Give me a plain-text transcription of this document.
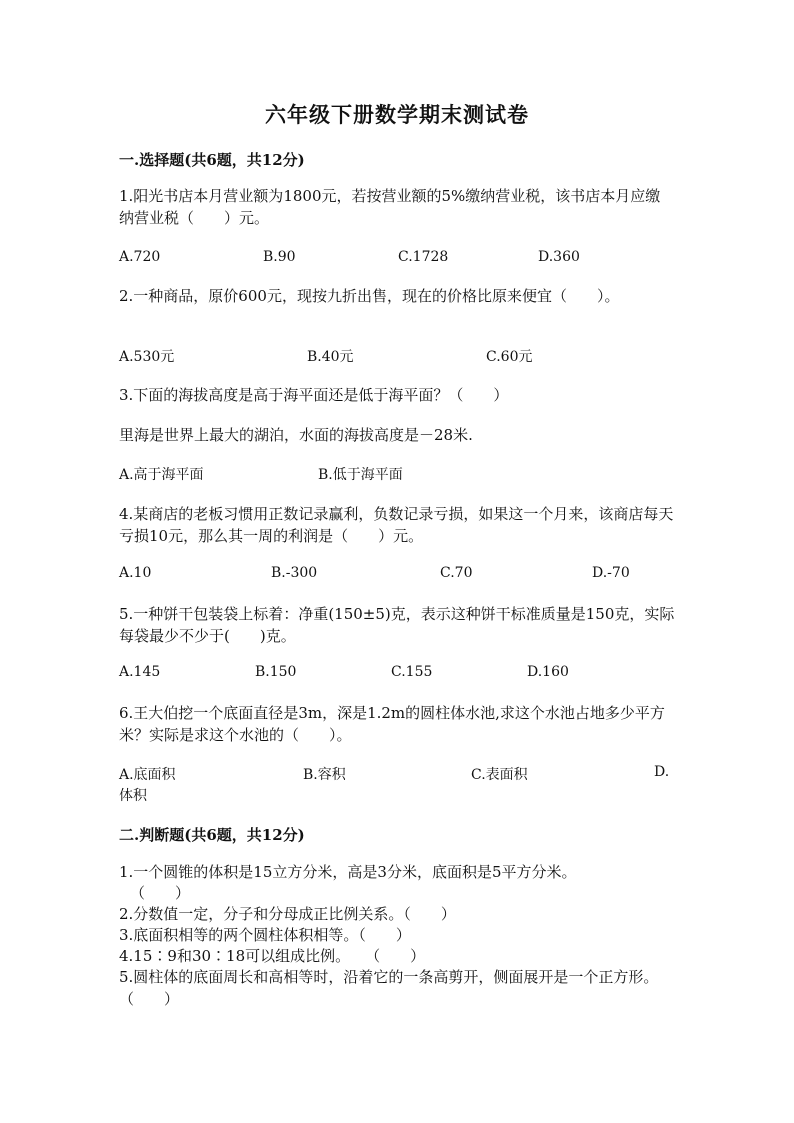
六年级下册数学期末测试卷
一.选择题(共6题，共12分)
1.阳光书店本月营业额为1800元，若按营业额的5%缴纳营业税，该书店本月应缴纳营业税（　　）元。
A.720	B.90	C.1728	D.360
2.一种商品，原价600元，现按九折出售，现在的价格比原来便宜（　　）。
A.530元	B.40元	C.60元
3.下面的海拔高度是高于海平面还是低于海平面？（　　）
里海是世界上最大的湖泊，水面的海拔高度是－28米.
A.高于海平面	B.低于海平面
4.某商店的老板习惯用正数记录赢利，负数记录亏损，如果这一个月来，该商店每天亏损10元，那么其一周的利润是（　　）元。
A.10	B.-300	C.70	D.-70
5.一种饼干包装袋上标着：净重(150±5)克，表示这种饼干标准质量是150克，实际每袋最少不少于(　　)克。
A.145	B.150	C.155	D.160
6.王大伯挖一个底面直径是3m，深是1.2m的圆柱体水池,求这个水池占地多少平方米？实际是求这个水池的（　　）。
A.底面积	B.容积	C.表面积	D.
体积
二.判断题(共6题，共12分)
1.一个圆锥的体积是15立方分米，高是3分米，底面积是5平方分米。
（　　）
2.分数值一定，分子和分母成正比例关系。（　　）
3.底面积相等的两个圆柱体积相等。（　　）
4.15∶9和30∶18可以组成比例。　　（　　）
5.圆柱体的底面周长和高相等时，沿着它的一条高剪开，侧面展开是一个正方形。（　　）
